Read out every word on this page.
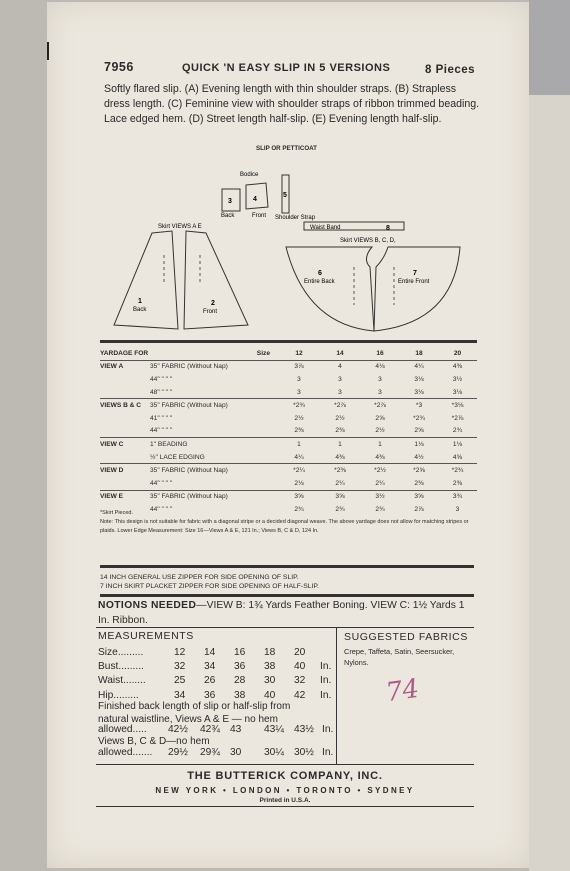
7956	QUICK 'N EASY SLIP IN 5 VERSIONS	8 Pieces
Softly flared slip. (A) Evening length with thin shoulder straps. (B) Strapless dress length. (C) Feminine view with shoulder straps of ribbon trimmed beading. Lace edged hem. (D) Street length half-slip. (E) Evening length half-slip.
SLIP OR PETTICOAT
Bodice
3
Back
4
Front
5
Shoulder Strap
Skirt VIEWS A E
1
Back
2
Front
Waist Band	8
Skirt VIEWS B, C, D,
6
Entire Back
7
Entire Front
YARDAGE FOR	Size	12	14	16	18	20
VIEW A	35" FABRIC (Without Nap)	3⅞	4	4⅛	4¼	4⅜
	44" " " "	3	3	3	3⅛	3½
	48" " " "	3	3	3	3⅛	3⅛
VIEWS B & C	35" FABRIC (Without Nap)	*2¾	*2⅞	*2⅞	*3	*3⅛
	41" " " "	2½	2½	2⅝	*2¾	*2⅞
	44" " " "	2⅜	2⅜	2½	2⅝	2¾
VIEW C	1" BEADING	1	1	1	1⅛	1⅛
	½" LACE EDGING	4¼	4⅜	4⅜	4½	4⅝
VIEW D	35" FABRIC (Without Nap)	*2¼	*2⅜	*2½	*2⅝	*2¾
	44" " " "	2⅛	2¼	2¼	2⅜	2⅜
VIEW E	35" FABRIC (Without Nap)	3⅝	3⅝	3½	3⅝	3¾
	44" " " "	2¾	2¾	2¾	2⅞	3
*Skirt Pieced.
Note: This design is not suitable for fabric with a diagonal stripe or a decided diagonal weave. The above yardage does not allow for matching stripes or plaids. Lower Edge Measurement: Size 16—Views A & E, 121 In.; Views B, C & D, 124 In.
14 INCH GENERAL USE ZIPPER FOR SIDE OPENING OF SLIP.
7 INCH SKIRT PLACKET ZIPPER FOR SIDE OPENING OF HALF-SLIP.
NOTIONS NEEDED—VIEW B: 1¾ Yards Feather Boning. VIEW C: 1½ Yards 1 In. Ribbon.
MEASUREMENTS
Size.........	12	14	16	18	20	
Bust.........	32	34	36	38	40	In.
Waist........	25	26	28	30	32	In.
Hip.........	34	36	38	40	42	In.
Finished back length of slip or half-slip from
natural waistline, Views A & E — no hem
allowed.....	42½	42¾	43	43¼	43½	In.
Views B, C & D—no hem
allowed.......	29½	29¾	30	30¼	30½	In.
SUGGESTED FABRICS
Crepe, Taffeta, Satin, Seersucker, Nylons.
74
THE BUTTERICK COMPANY, INC.
NEW YORK • LONDON • TORONTO • SYDNEY
Printed in U.S.A.
